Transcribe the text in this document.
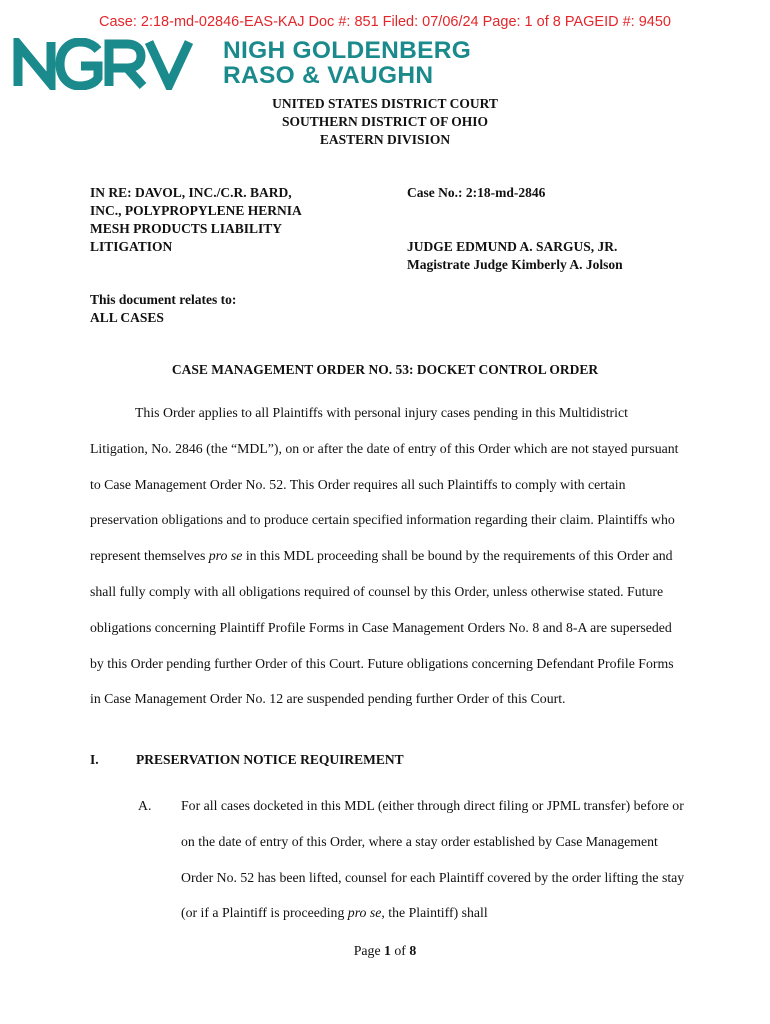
Case: 2:18-md-02846-EAS-KAJ Doc #: 851 Filed: 07/06/24 Page: 1 of 8 PAGEID #: 9450
NIGH GOLDENBERG
RASO & VAUGHN
UNITED STATES DISTRICT COURT
SOUTHERN DISTRICT OF OHIO
EASTERN DIVISION
IN RE: DAVOL, INC./C.R. BARD,
INC., POLYPROPYLENE HERNIA
MESH PRODUCTS LIABILITY
LITIGATION
Case No.: 2:18-md-2846
JUDGE EDMUND A. SARGUS, JR.
Magistrate Judge Kimberly A. Jolson
This document relates to:
ALL CASES
CASE MANAGEMENT ORDER NO. 53: DOCKET CONTROL ORDER
This Order applies to all Plaintiffs with personal injury cases pending in this Multidistrict Litigation, No. 2846 (the “MDL”), on or after the date of entry of this Order which are not stayed pursuant to Case Management Order No. 52. This Order requires all such Plaintiffs to comply with certain preservation obligations and to produce certain specified information regarding their claim. Plaintiffs who represent themselves pro se in this MDL proceeding shall be bound by the requirements of this Order and shall fully comply with all obligations required of counsel by this Order, unless otherwise stated. Future obligations concerning Plaintiff Profile Forms in Case Management Orders No. 8 and 8-A are superseded by this Order pending further Order of this Court. Future obligations concerning Defendant Profile Forms in Case Management Order No. 12 are suspended pending further Order of this Court.
I.	PRESERVATION NOTICE REQUIREMENT
A. For all cases docketed in this MDL (either through direct filing or JPML transfer) before or on the date of entry of this Order, where a stay order established by Case Management Order No. 52 has been lifted, counsel for each Plaintiff covered by the order lifting the stay (or if a Plaintiff is proceeding pro se, the Plaintiff) shall
Page 1 of 8
